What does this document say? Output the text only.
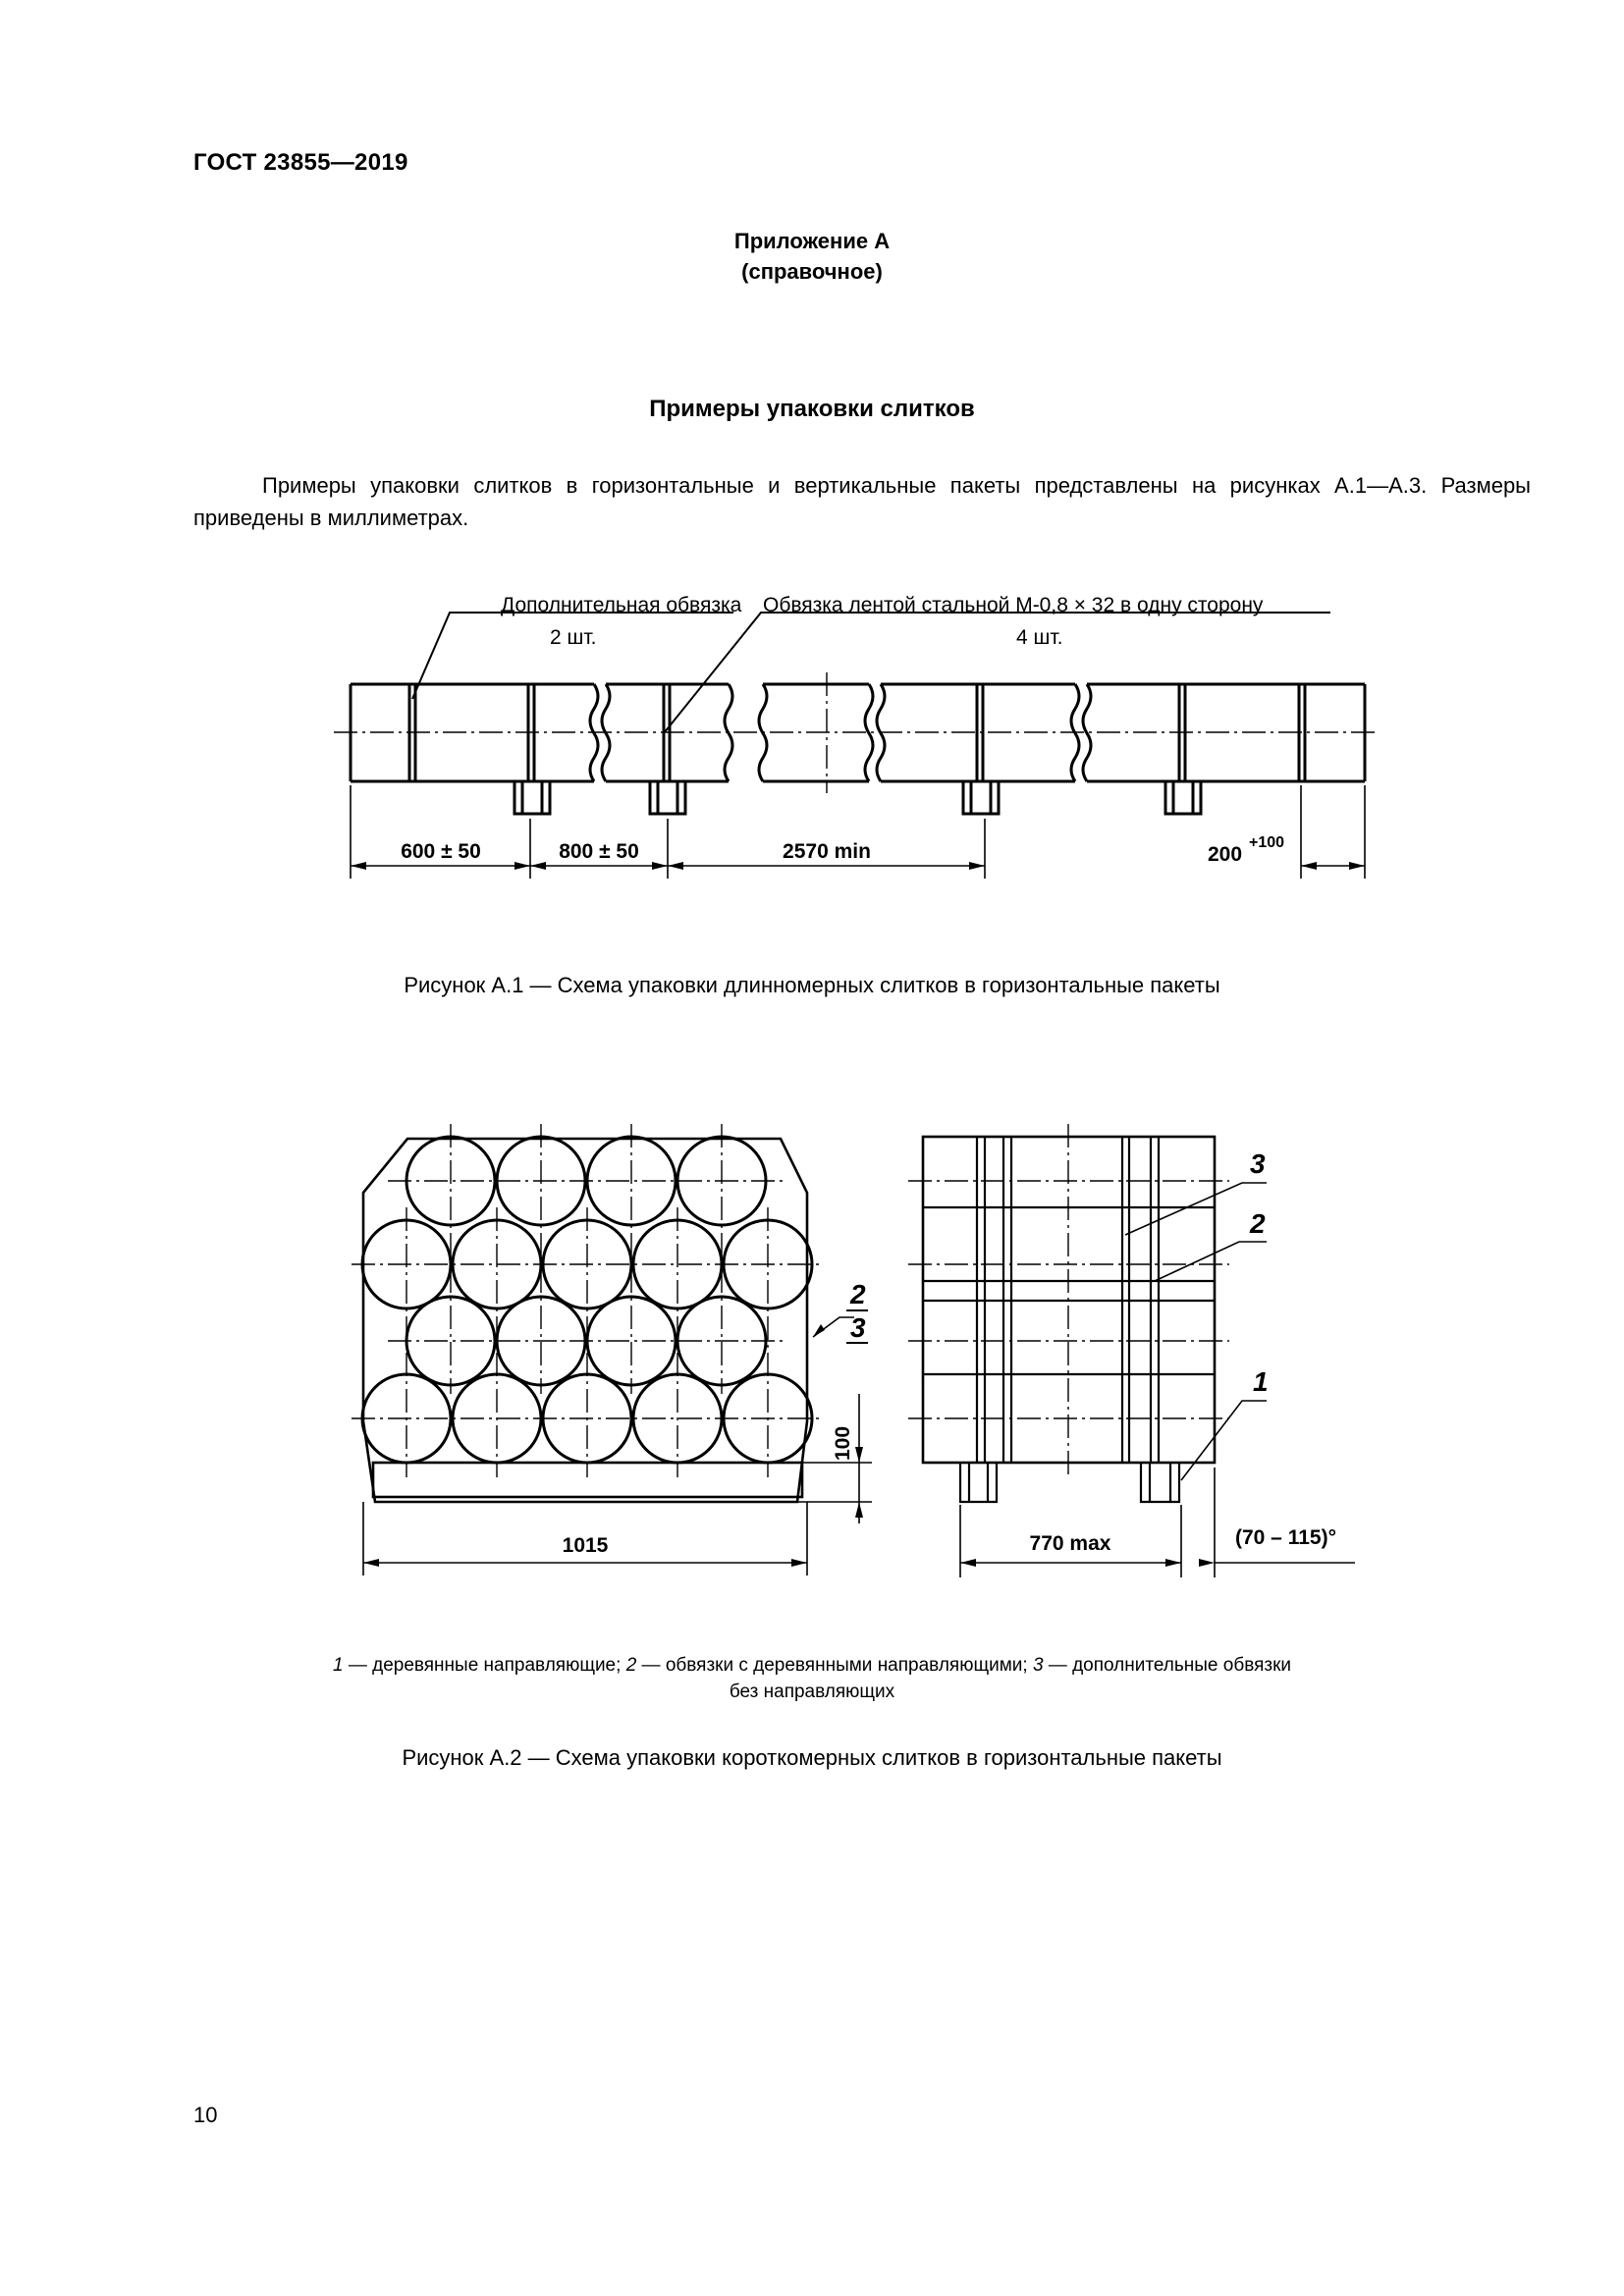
ГОСТ 23855—2019
Приложение А
(справочное)
Примеры упаковки слитков
Примеры упаковки слитков в горизонтальные и вертикальные пакеты представлены на рисунках А.1—А.3. Размеры приведены в миллиметрах.
Дополнительная обвязка
2 шт.
Обвязка лентой стальной М-0,8 × 32 в одну сторону
4 шт.
600 ± 50	800 ± 50	2570 min	200
+100
Рисунок А.1 — Схема упаковки длинномерных слитков в горизонтальные пакеты
1015
100
2
3
770 max	(70 – 115)°
3
2
1
1 — деревянные направляющие; 2 — обвязки с деревянными направляющими; 3 — дополнительные обвязки
без направляющих
Рисунок А.2 — Схема упаковки короткомерных слитков в горизонтальные пакеты
10
